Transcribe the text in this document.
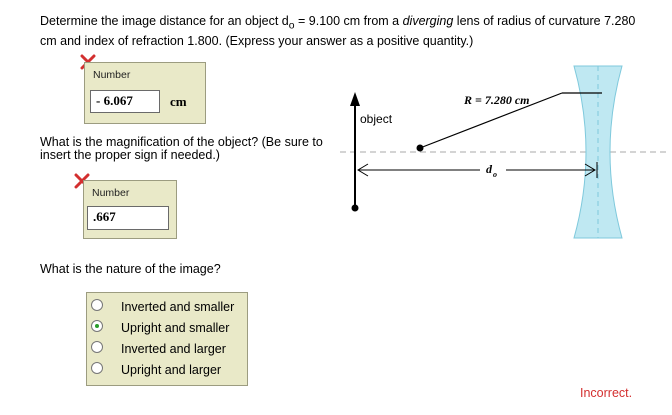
Determine the image distance for an object $d_o = 9.100$ cm from a diverging lens of radius of curvature 7.280 cm and index of refraction 1.800. (Express your answer as a positive quantity.)
Number
- 6.067	cm
What is the magnification of the object? (Be sure to insert the proper sign if needed.)
Number
.667
What is the nature of the image?
Inverted and smaller
Upright and smaller
Inverted and larger
Upright and larger
object
R = 7.280 cm
d o
Incorrect.
